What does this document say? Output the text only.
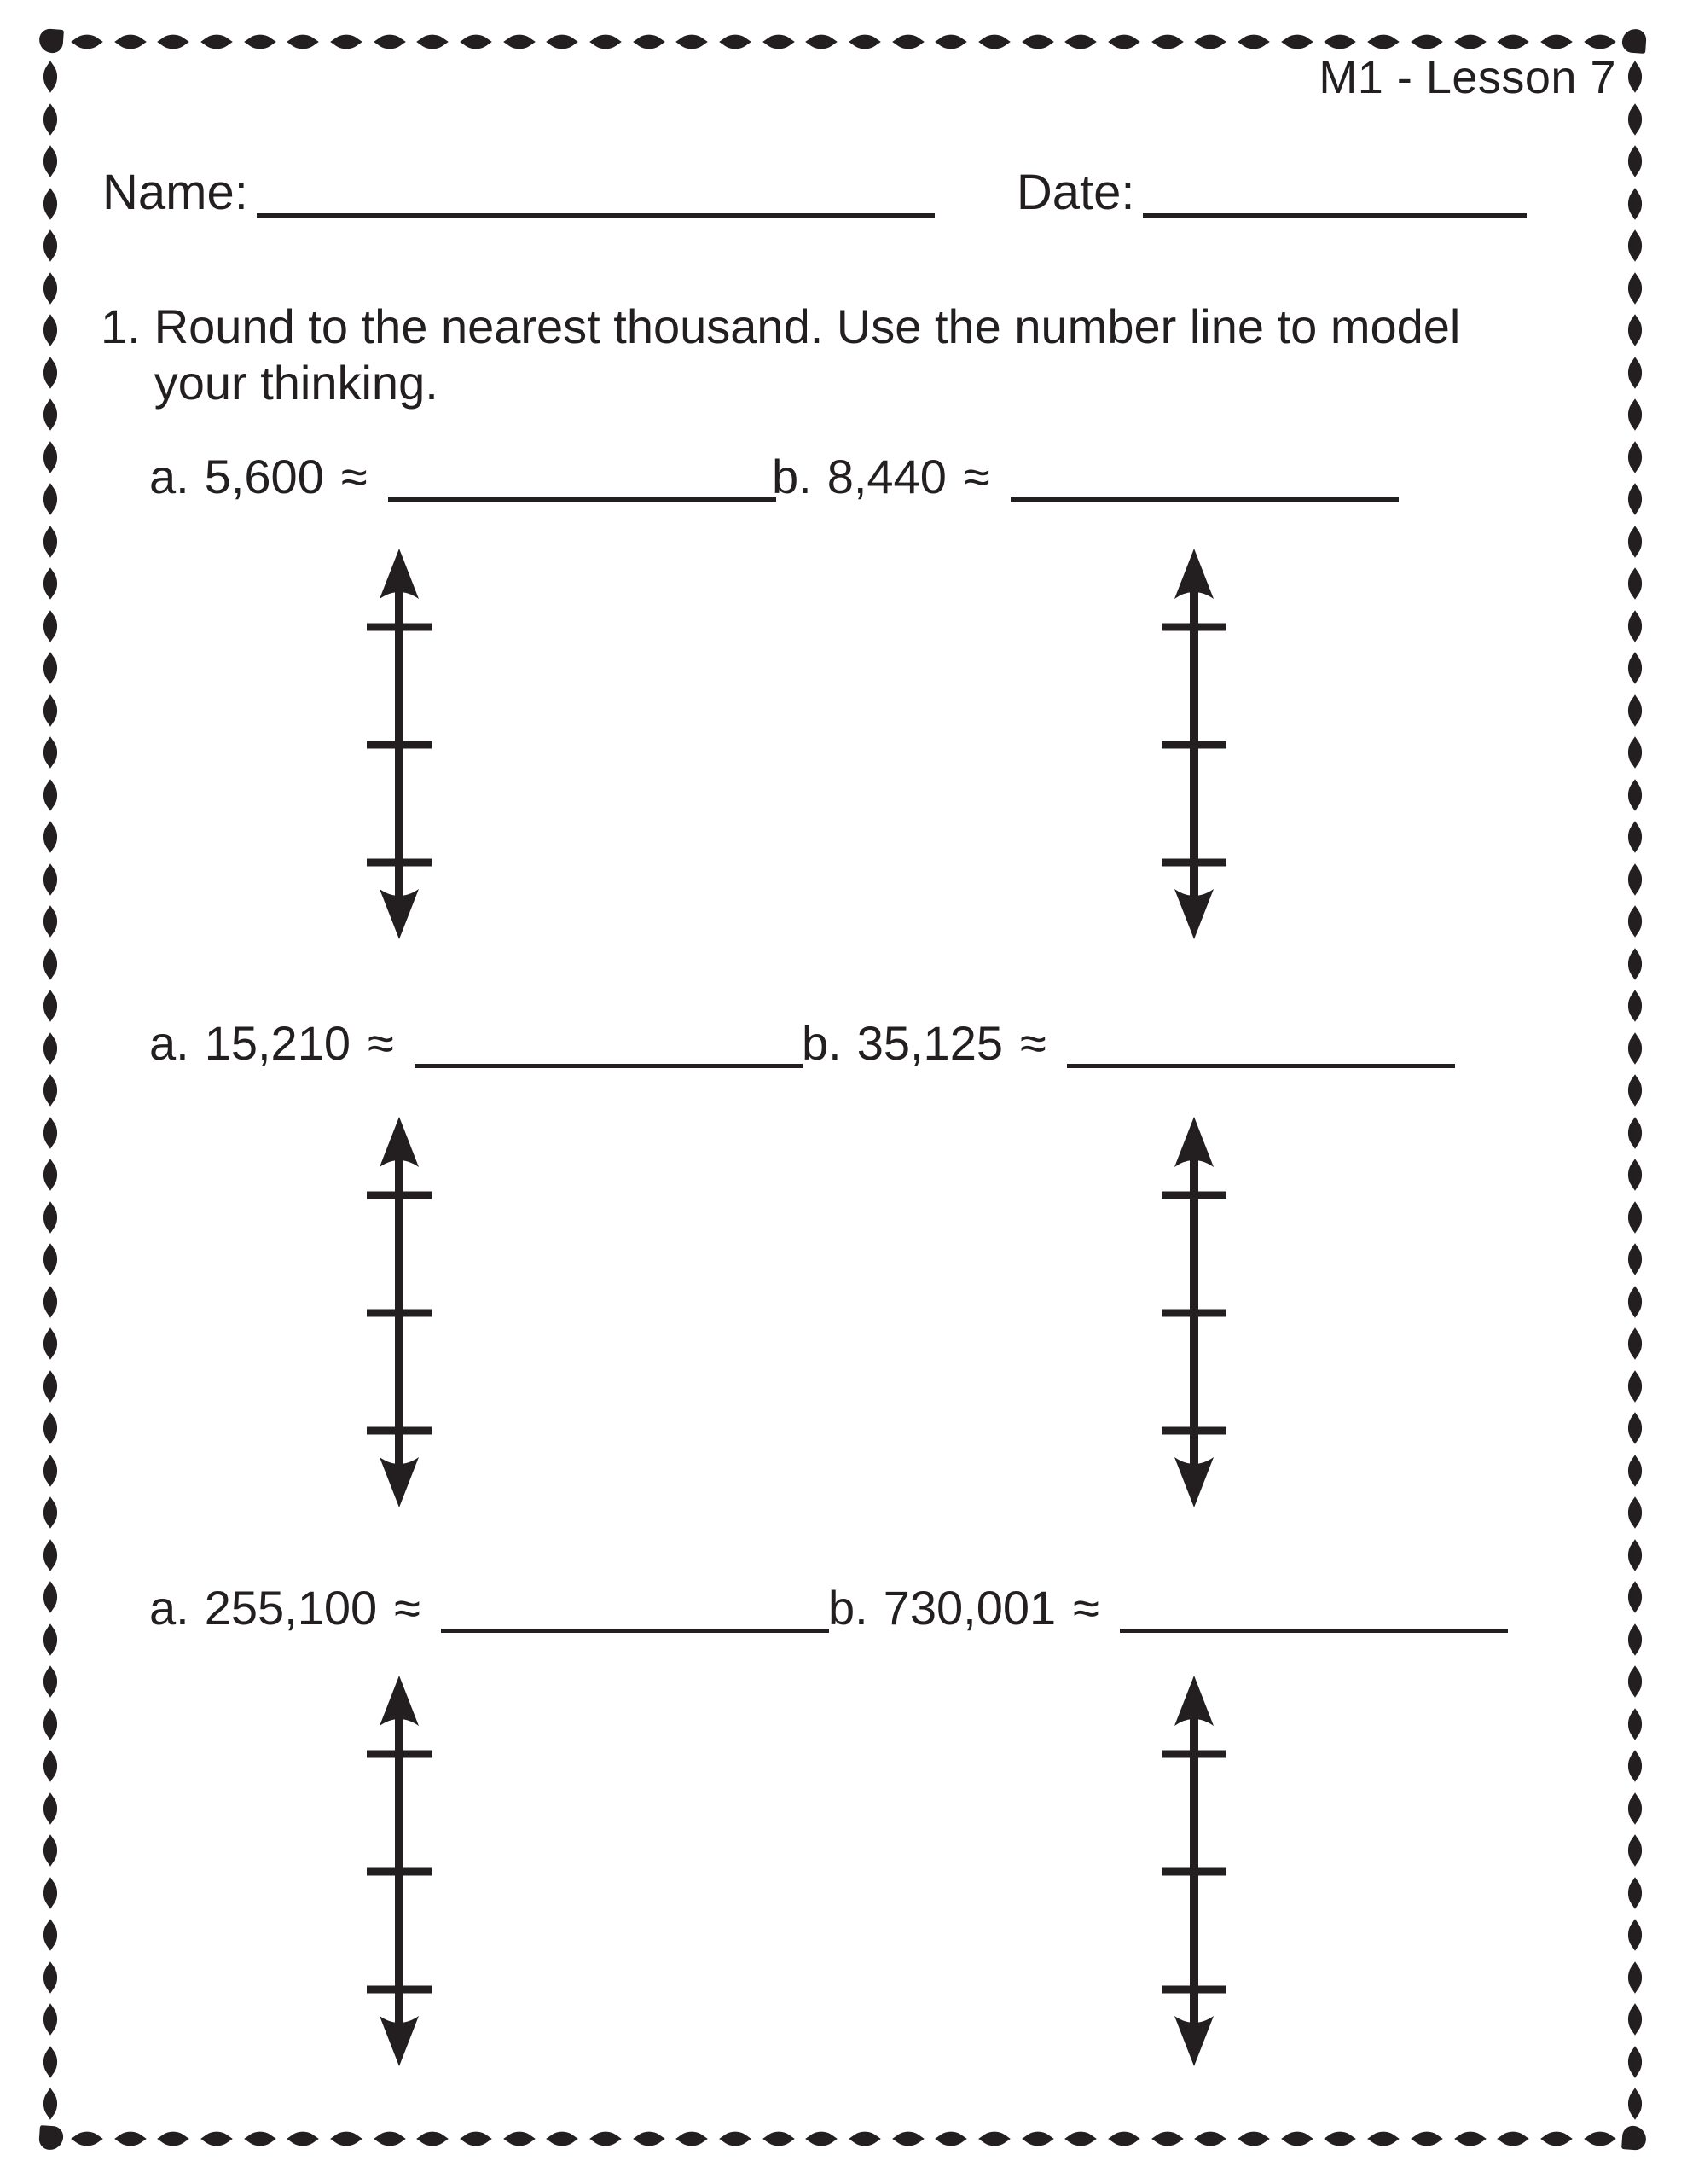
M1 - Lesson 7
Name:	Date:
1. Round to the nearest thousand. Use the number line to model
your thinking.
a. 5,600 ≈	b. 8,440 ≈
a. 15,210 ≈	b. 35,125 ≈
a. 255,100 ≈	b. 730,001 ≈
